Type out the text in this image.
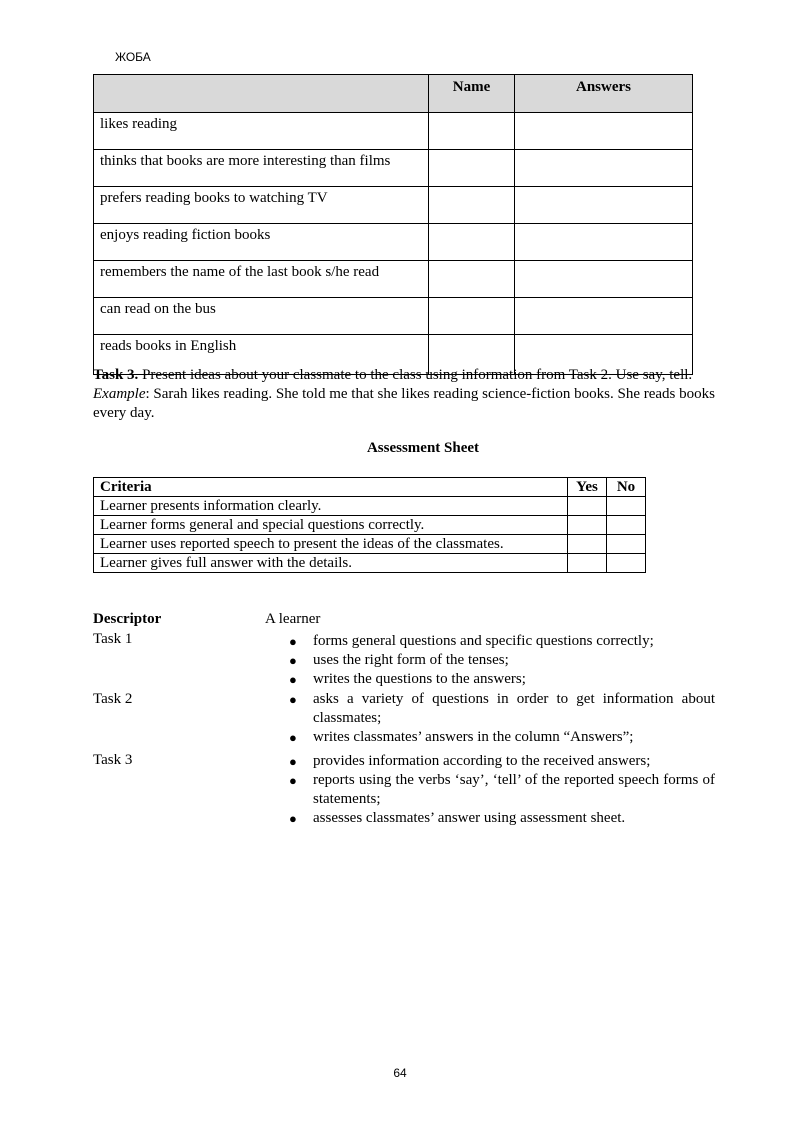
ЖОБА
	Name	Answers
likes reading		
thinks that books are more interesting than films		
prefers reading books to watching TV		
enjoys reading fiction books		
remembers the name of the last book s/he read		
can read on the bus		
reads books in English		

Task 3. Present ideas about your classmate to the class using information from Task 2. Use say, tell.

Example: Sarah likes reading. She told me that she likes reading science-fiction books. She reads books every day.

Assessment Sheet
Criteria	Yes	No
Learner presents information clearly.		
Learner forms general and special questions correctly.		
Learner uses reported speech to present the ideas of the classmates.		
Learner gives full answer with the details.		
Descriptor	A learner
Task 1	● forms general questions and specific questions correctly;
● uses the right form of the tenses;
● writes the questions to the answers;
Task 2	● asks a variety of questions in order to get information about classmates;
● writes classmates’ answers in the column “Answers”;
Task 3	● provides information according to the received answers;
● reports using the verbs ‘say’, ‘tell’ of the reported speech forms of statements;
● assesses classmates’ answer using assessment sheet.
64
